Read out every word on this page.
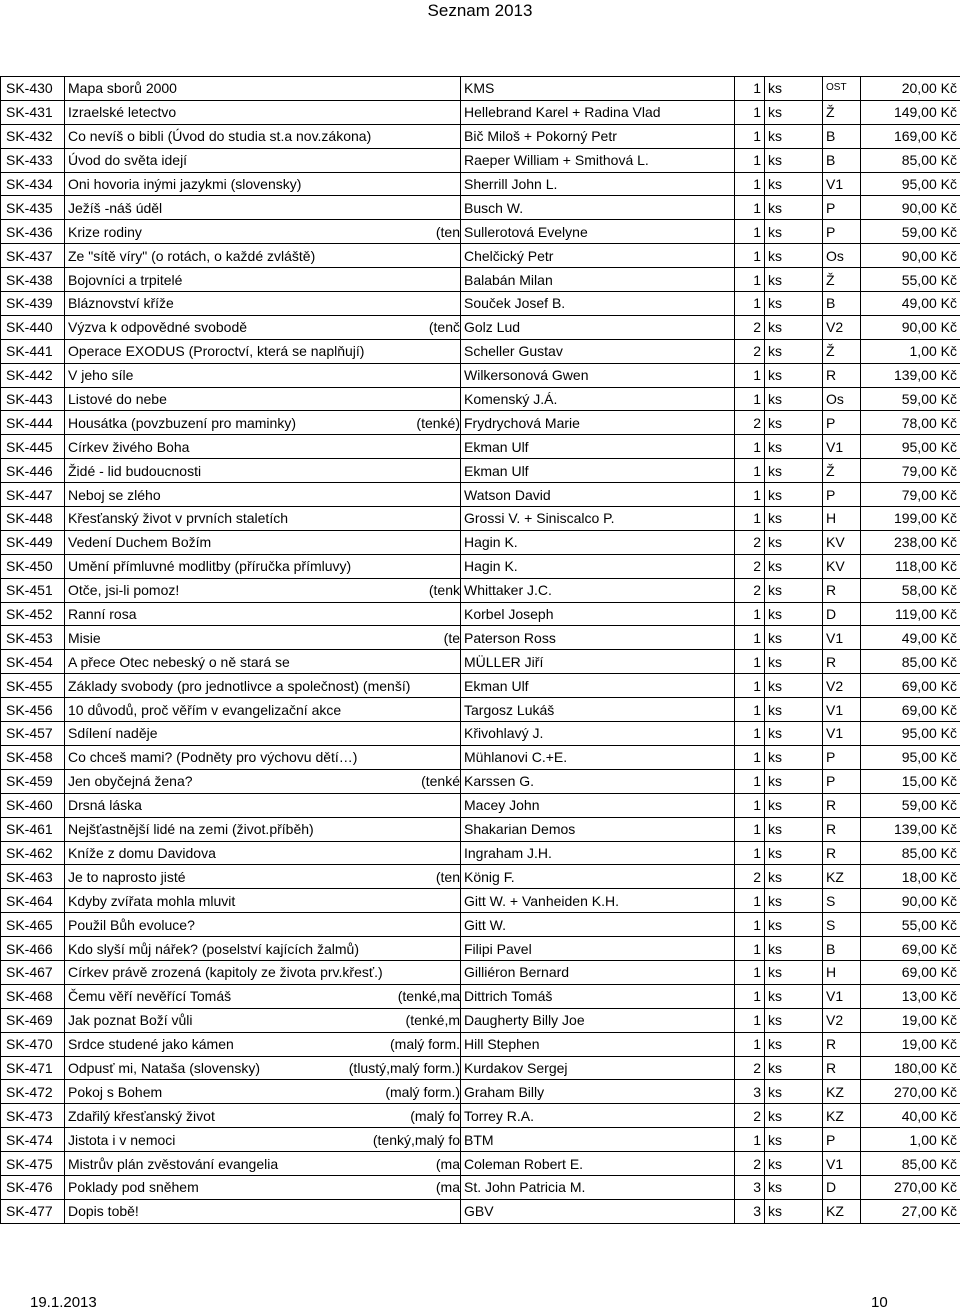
Seznam 2013
SK-430	Mapa sborů 2000	KMS	1	ks	OST	20,00 Kč
SK-431	Izraelské letectvo	Hellebrand Karel + Radina Vlad	1	ks	Ž	149,00 Kč
SK-432	Co nevíš o bibli (Úvod do studia st.a nov.zákona)	Bič Miloš + Pokorný Petr	1	ks	B	169,00 Kč
SK-433	Úvod do světa idejí	Raeper William + Smithová L.	1	ks	B	85,00 Kč
SK-434	Oni hovoria inými jazykmi (slovensky)	Sherrill John L.	1	ks	V1	95,00 Kč
SK-435	Ježíš -náš úděl	Busch W.	1	ks	P	90,00 Kč
SK-436	Krize rodiny (ten	Sullerotová Evelyne	1	ks	P	59,00 Kč
SK-437	Ze "sítě víry" (o rotách, o každé zvláště)	Chelčický Petr	1	ks	Os	90,00 Kč
SK-438	Bojovníci a trpitelé	Balabán Milan	1	ks	Ž	55,00 Kč
SK-439	Bláznovství kříže	Souček Josef B.	1	ks	B	49,00 Kč
SK-440	Výzva k odpovědné svobodě (tenč	Golz Lud	2	ks	V2	90,00 Kč
SK-441	Operace EXODUS (Proroctví, která se naplňují)	Scheller Gustav	2	ks	Ž	1,00 Kč
SK-442	V jeho síle	Wilkersonová Gwen	1	ks	R	139,00 Kč
SK-443	Listové do nebe	Komenský J.Á.	1	ks	Os	59,00 Kč
SK-444	Housátka (povzbuzení pro maminky) (tenké)	Frydrychová Marie	2	ks	P	78,00 Kč
SK-445	Církev živého Boha	Ekman Ulf	1	ks	V1	95,00 Kč
SK-446	Židé - lid budoucnosti	Ekman Ulf	1	ks	Ž	79,00 Kč
SK-447	Neboj se zlého	Watson David	1	ks	P	79,00 Kč
SK-448	Křesťanský život v prvních staletích	Grossi V. + Siniscalco P.	1	ks	H	199,00 Kč
SK-449	Vedení Duchem Božím	Hagin K.	2	ks	KV	238,00 Kč
SK-450	Umění přímluvné modlitby (příručka přímluvy)	Hagin K.	2	ks	KV	118,00 Kč
SK-451	Otče, jsi-li pomoz! (tenk	Whittaker J.C.	2	ks	R	58,00 Kč
SK-452	Ranní rosa	Korbel Joseph	1	ks	D	119,00 Kč
SK-453	Misie (te	Paterson Ross	1	ks	V1	49,00 Kč
SK-454	A přece Otec nebeský o ně stará se	MÜLLER Jiří	1	ks	R	85,00 Kč
SK-455	Základy svobody (pro jednotlivce a společnost) (menší)	Ekman Ulf	1	ks	V2	69,00 Kč
SK-456	10 důvodů, proč věřím v evangelizační akce	Targosz Lukáš	1	ks	V1	69,00 Kč
SK-457	Sdílení naděje	Křivohlavý J.	1	ks	V1	95,00 Kč
SK-458	Co chceš mami? (Podněty pro výchovu dětí…)	Mühlanovi C.+E.	1	ks	P	95,00 Kč
SK-459	Jen obyčejná žena? (tenké	Karssen G.	1	ks	P	15,00 Kč
SK-460	Drsná láska	Macey John	1	ks	R	59,00 Kč
SK-461	Nejšťastnější lidé na zemi (život.příběh)	Shakarian Demos	1	ks	R	139,00 Kč
SK-462	Kníže z domu Davidova	Ingraham J.H.	1	ks	R	85,00 Kč
SK-463	Je to naprosto jisté (ten	König F.	2	ks	KZ	18,00 Kč
SK-464	Kdyby zvířata mohla mluvit	Gitt W. + Vanheiden K.H.	1	ks	S	90,00 Kč
SK-465	Použil Bůh evoluce?	Gitt W.	1	ks	S	55,00 Kč
SK-466	Kdo slyší můj nářek? (poselství kajících žalmů)	Filipi Pavel	1	ks	B	69,00 Kč
SK-467	Církev právě zrozená (kapitoly ze života prv.křesť.)	Gilliéron Bernard	1	ks	H	69,00 Kč
SK-468	Čemu věří nevěřící Tomáš (tenké,ma	Dittrich Tomáš	1	ks	V1	13,00 Kč
SK-469	Jak poznat Boží vůli (tenké,m	Daugherty Billy Joe	1	ks	V2	19,00 Kč
SK-470	Srdce studené jako kámen (malý form.	Hill Stephen	1	ks	R	19,00 Kč
SK-471	Odpusť mi, Nataša (slovensky) (tlustý,malý form.)	Kurdakov Sergej	2	ks	R	180,00 Kč
SK-472	Pokoj s Bohem (malý form.)	Graham Billy	3	ks	KZ	270,00 Kč
SK-473	Zdařilý křesťanský život (malý fo	Torrey R.A.	2	ks	KZ	40,00 Kč
SK-474	Jistota i v nemoci (tenký,malý fo	BTM	1	ks	P	1,00 Kč
SK-475	Mistrův plán zvěstování evangelia (ma	Coleman Robert E.	2	ks	V1	85,00 Kč
SK-476	Poklady pod sněhem (ma	St. John Patricia M.	3	ks	D	270,00 Kč
SK-477	Dopis tobě!	GBV	3	ks	KZ	27,00 Kč
19.1.2013	10
